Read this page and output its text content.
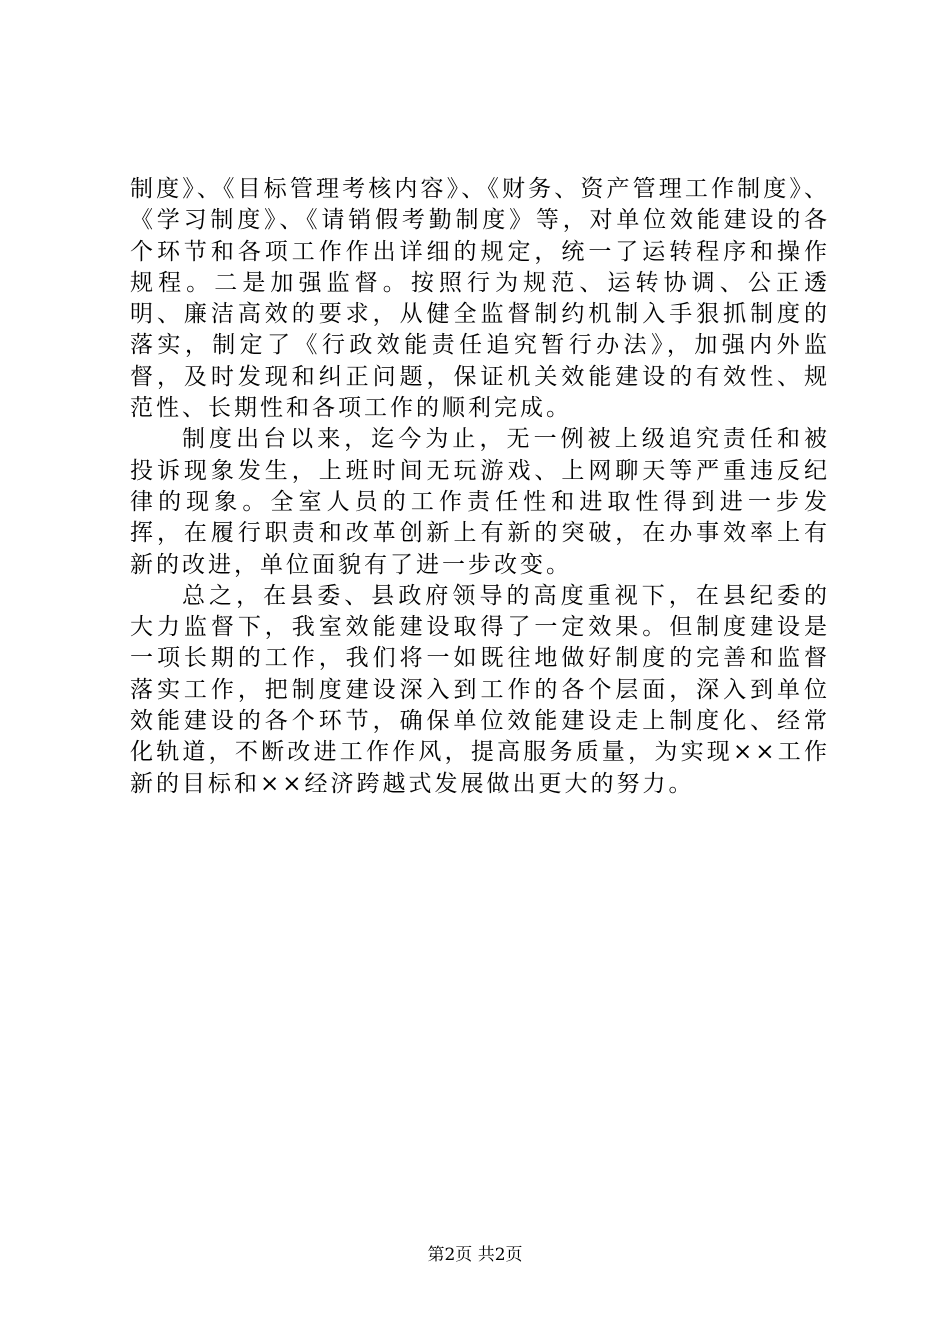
制度》、《目标管理考核内容》、《财务、资产管理工作制度》、《学习制度》、《请销假考勤制度》等，对单位效能建设的各个环节和各项工作作出详细的规定，统一了运转程序和操作规程。二是加强监督。按照行为规范、运转协调、公正透明、廉洁高效的要求，从健全监督制约机制入手狠抓制度的落实，制定了《行政效能责任追究暂行办法》，加强内外监督，及时发现和纠正问题，保证机关效能建设的有效性、规范性、长期性和各项工作的顺利完成。

制度出台以来，迄今为止，无一例被上级追究责任和被投诉现象发生，上班时间无玩游戏、上网聊天等严重违反纪律的现象。全室人员的工作责任性和进取性得到进一步发挥，在履行职责和改革创新上有新的突破，在办事效率上有新的改进，单位面貌有了进一步改变。

总之，在县委、县政府领导的高度重视下，在县纪委的大力监督下，我室效能建设取得了一定效果。但制度建设是一项长期的工作，我们将一如既往地做好制度的完善和监督落实工作，把制度建设深入到工作的各个层面，深入到单位效能建设的各个环节，确保单位效能建设走上制度化、经常化轨道，不断改进工作作风，提高服务质量，为实现××工作新的目标和××经济跨越式发展做出更大的努力。

第2页 共2页
